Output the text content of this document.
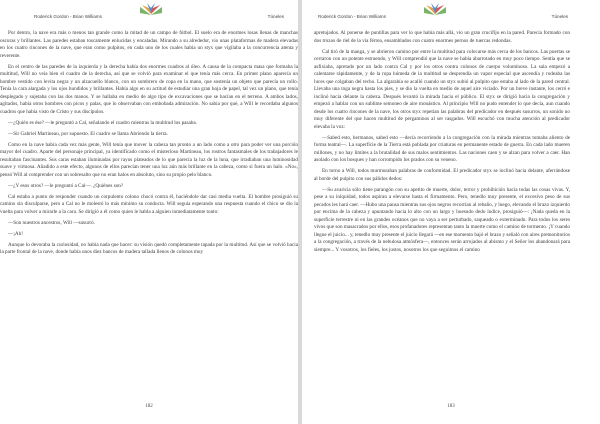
Roderick Gordon - Brian Williams	Túneles
182
Roderick Gordon - Brian Williams	Túneles
183

Por dentro, la nave era más o menos tan grande como la mitad de un campo de fútbol. El suelo era de enormes losas llenas de manchas oscuras y brillantes. Las paredes estaban toscamente enlucidas y encaladas. Mirando a su alrededor, vio unas plataformas de madera elevadas en los cuatro rincones de la nave, que eran como pulpitos, en cada uno de los cuales había un styx que vigilaba a la concurrencia atenta y reverente.

En el centro de las paredes de la izquierda y la derecha había dos enormes cuadros al óleo. A causa de la compacta masa que formaba la multitud, Will no veía bien el cuadro de la derecha, así que se volvió para examinar el que tenía más cerca. En primer plano aparecía un hombre vestido con levita negra y un alzacuello blanco, con un sombrero de copa en la mano, que sostenía un objeto que parecía un rollo. Tenía la cara alargada y los ojos hundidos y brillantes. Había algo en su actitud de estudiar una gran hoja de papel, tal vez un plano, que tenía desplegado y sujetaba con las dos manos. Y se hallaba en medio de algo tipo de excavaciones que se hacían en el terreno. A ambos lados, agitados, había otros hombres con picos y palas, que lo observaban con embobada admiración. No sabía por qué, a Will le recordaba algunos cuadros que había visto de Cristo y sus discípulos.

—¿Quién es ése? —le preguntó a Cal, señalando el cuadro mientras la multitud los pasaba.

—Sir Gabriel Martineau, por supuesto. El cuadro se llama Abriendo la tierra.

Como en la nave había cada vez más gente, Will tenía que mover la cabeza tan pronto a un lado como a otro para poder ver una porción mayor del cuadro. Aparte del personaje principal, ya identificado como el misterioso Martineau, los rostros fantasmales de los trabajadores le resultaban fascinantes. Sus caras estaban iluminadas por rayos plateados de lo que parecía la luz de la luna, que irradiaban una luminosidad suave y virtuosa. Añadido a este efecto, algunos de ellos parecían tener una luz aún más brillante en la cabeza, como si fuera un halo. «No», pensó Will al comprender con un sobresalto que no eran halos en absoluto, sino su propio pelo blanco.

—¿Y esos otros? —le preguntó a Cal—. ¿Quiénes son?

Cal estaba a punto de responder cuando un corpulento colono chocó contra él, haciéndole dar casi media vuelta. El hombre prosiguió su camino sin disculparse, pero a Cal no le molestó lo más mínimo su conducta. Will seguía esperando una respuesta cuando el chico se dio la vuelta para volver a mirarle a la cara. Se dirigió a él como quien le habla a alguien inmediatamente tonto:

—Son nuestros ancestros, Will —susurró.

—¡Ah!

Aunque lo devoraba la curiosidad, no había nada que hacer: su visión quedó completamente tapada por la multitud. Así que se volvió hacia la parte frontal de la nave, donde había unos diez bancos de madera tallada llenos de colonos muy

apretujados. Al ponerse de puntillas para ver lo que había más allá, vio un gran crucifijo en la pared. Parecía formado con dos trozos de riel de la vía férrea, ensamblados con cuatro enormes pernos de tuercas redondas.

Cal tiró de la manga, y se abrieron camino por entre la multitud para colocarse más cerca de los bancos. Las puertas se cerraron con un potente estruendo, y Will comprendió que la nave se había abarrotado en muy poco tiempo. Sentía que se asfixiaba, apretado por un lado contra Cal y por los otros contra colonos de cuerpo voluminoso. La sala empezó a calentarse rápidamente, y de la ropa húmeda de la multitud se desprendía un vapor especial que ascendía y rodeaba las luces que colgaban del techo. La algarabía se acalló cuando un styx subió al pulpito que estaba al lado de la pared central. Llevaba una toga negra hasta los pies, y se dio la vuelta en medio de aquel aire viciado. Por un breve instante, los cerró e inclinó hacia delante la cabeza. Después levantó la mirada hacia el público. El styx se dirigió hacia la congregación y empezó a hablar con un sublime semoneo de aire monástico. Al principio Will no pudo entender lo que decía, aun cuando desde los cuatro rincones de la nave, los otros styx repetían las palabras del predicador en después susurros, un sonido no muy diferente del que hacen multitud de pergaminos al ser rasgados. Will escuchó con mucha atención al predicador elevaba la voz:

—Sabed esto, hermanos, sabed esto —decía recorriendo a la congregación con la mirada mientras tomaba aliento de forma teatral—. La superficie de la Tierra está poblada por criaturas en permanente estado de guerra. En cada lado mueren millones, y no hay límites a la brutalidad de sus malos sentimientos. Las naciones caen y se alzan para volver a caer. Han asolado con los bosques y han corrompido los prados con su veneno.

En torno a Will, todos murmuraban palabras de conformidad. El predicador styx se inclinó hacia delante, aferrándose al borde del pulpito con sus pálidos dedos:

—Su avaricia sólo tiene parangón con su apetito de muerte, dolor, terror y prohibición hacia todas las cosas vivas. Y, pese a su iniquidad, todos aspiran a elevarse hasta el firmamento. Pero, tenedlo muy presente, el excesivo peso de sus pecados les hará caer. —Hubo una pausa mientras sus ojos negros recorrían al rebaño, y luego, elevando el brazo izquierdo por encima de la cabeza y apuntando hacia lo alto con un largo y huesudo dedo índice, prosiguió—: ¡Nada queda en la superficie terrestre ni en las grandes océanos que no vaya a ser perturbado, saqueado o exterminado. Para todos los seres vivos que son masacrados por ellos, esos profanadores representan tanto la muerte como el camino de tormento. ¡Y cuando llegue el juicio... y, tenedlo muy presente el juicio llegará —en ese momento bajó el brazo y señaló con aires premonitorios a la congregación, a través de la nebulosa atmósfera—, entonces serán arrojados al abismo y el Señor los abandonará para siempre... Y vosotros, los fieles, los justos, nosotros los que seguimos el camino
